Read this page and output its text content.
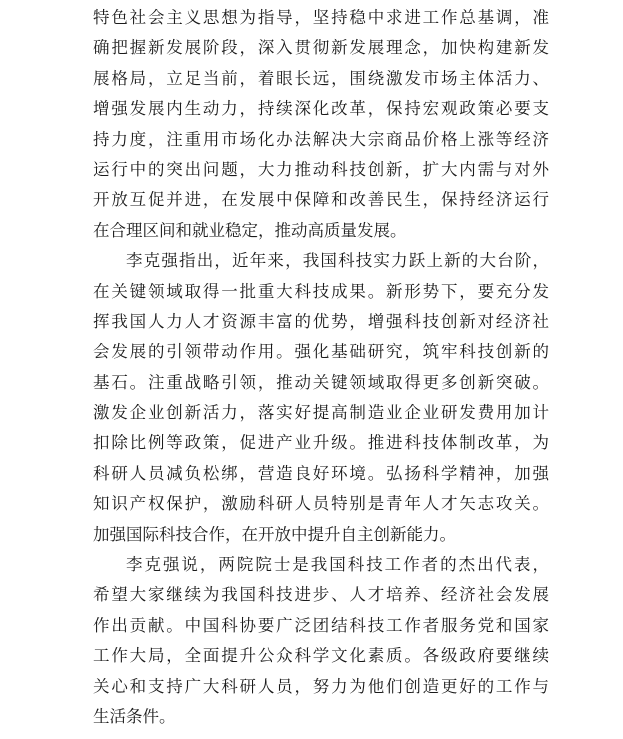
特色社会主义思想为指导，坚持稳中求进工作总基调，准
确把握新发展阶段，深入贯彻新发展理念，加快构建新发
展格局，立足当前，着眼长远，围绕激发市场主体活力、
增强发展内生动力，持续深化改革，保持宏观政策必要支
持力度，注重用市场化办法解决大宗商品价格上涨等经济
运行中的突出问题，大力推动科技创新，扩大内需与对外
开放互促并进，在发展中保障和改善民生，保持经济运行
在合理区间和就业稳定，推动高质量发展。
李克强指出，近年来，我国科技实力跃上新的大台阶，
在关键领域取得一批重大科技成果。新形势下，要充分发
挥我国人力人才资源丰富的优势，增强科技创新对经济社
会发展的引领带动作用。强化基础研究，筑牢科技创新的
基石。注重战略引领，推动关键领域取得更多创新突破。
激发企业创新活力，落实好提高制造业企业研发费用加计
扣除比例等政策，促进产业升级。推进科技体制改革，为
科研人员减负松绑，营造良好环境。弘扬科学精神，加强
知识产权保护，激励科研人员特别是青年人才矢志攻关。
加强国际科技合作，在开放中提升自主创新能力。
李克强说，两院院士是我国科技工作者的杰出代表，
希望大家继续为我国科技进步、人才培养、经济社会发展
作出贡献。中国科协要广泛团结科技工作者服务党和国家
工作大局，全面提升公众科学文化素质。各级政府要继续
关心和支持广大科研人员，努力为他们创造更好的工作与
生活条件。
